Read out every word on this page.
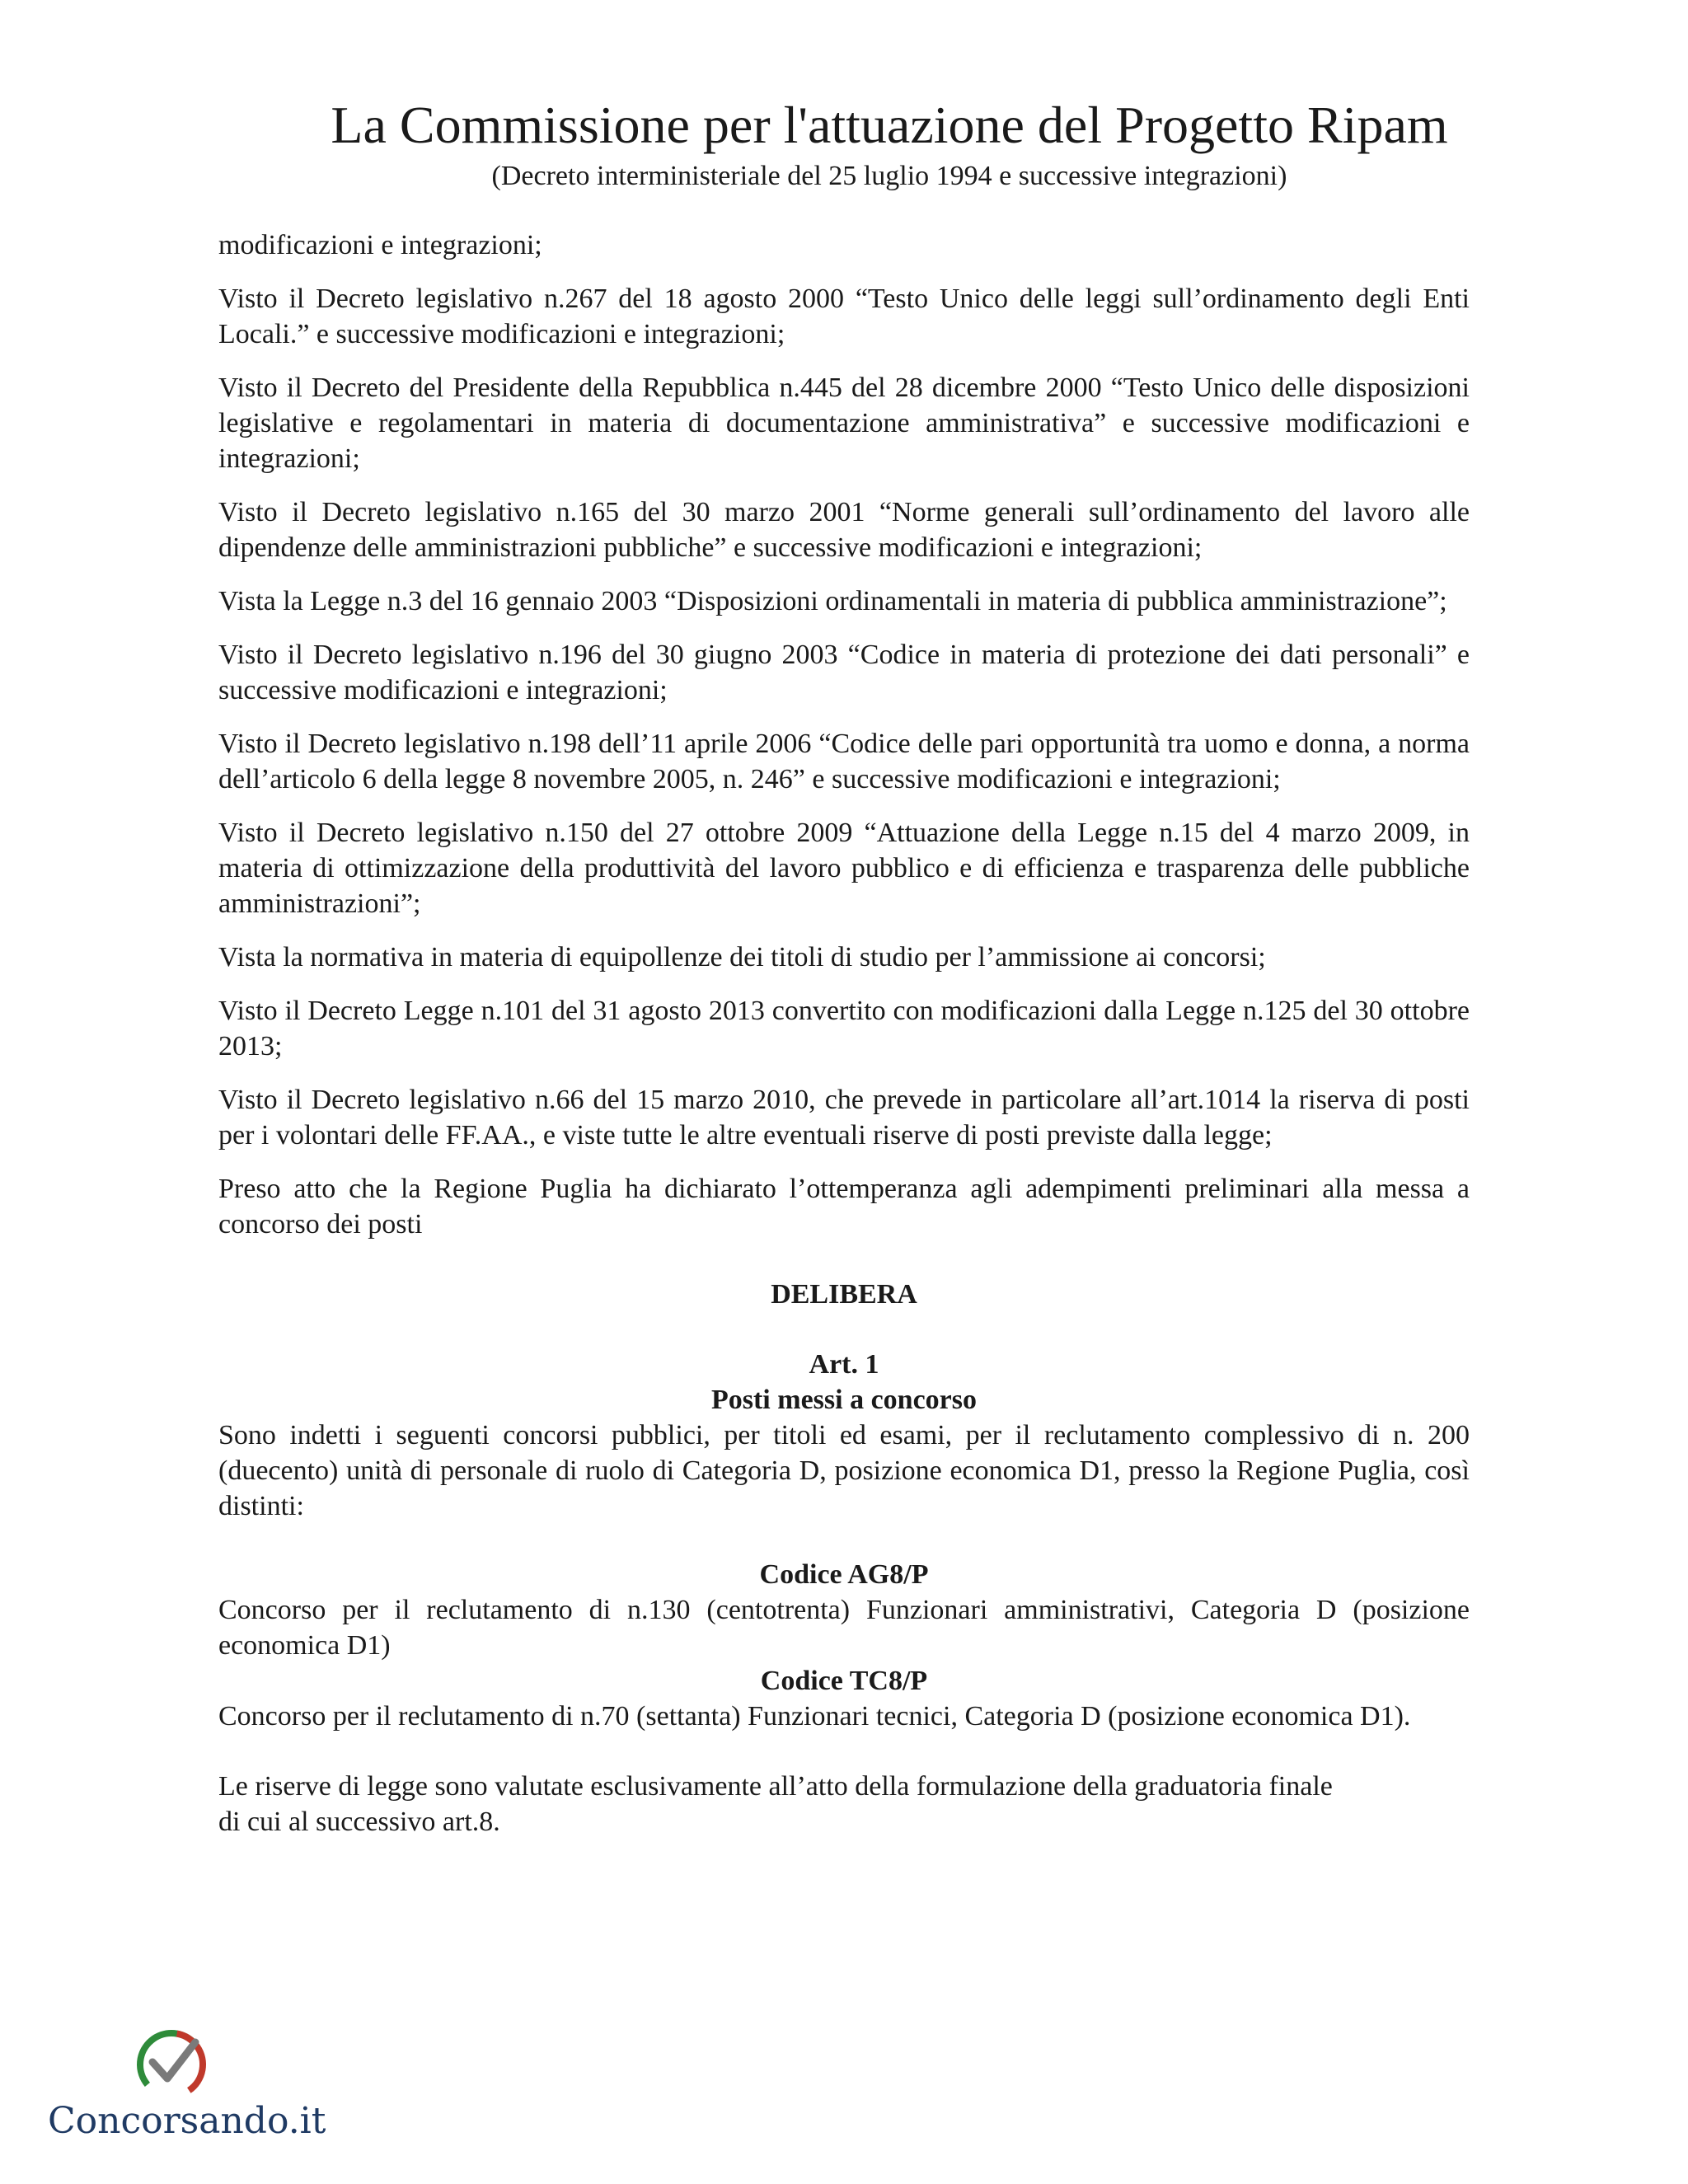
La Commissione per l'attuazione del Progetto Ripam
(Decreto interministeriale del 25 luglio 1994 e successive integrazioni)

modificazioni e integrazioni;

Visto il Decreto legislativo n.267 del 18 agosto 2000 “Testo Unico delle leggi sull’ordinamento degli Enti Locali.” e successive modificazioni e integrazioni;

Visto il Decreto del Presidente della Repubblica n.445 del 28 dicembre 2000 “Testo Unico delle disposizioni legislative e regolamentari in materia di documentazione amministrativa” e successive modificazioni e integrazioni;

Visto il Decreto legislativo n.165 del 30 marzo 2001 “Norme generali sull’ordinamento del lavoro alle dipendenze delle amministrazioni pubbliche” e successive modificazioni e integrazioni;

Vista la Legge n.3 del 16 gennaio 2003 “Disposizioni ordinamentali in materia di pubblica amministrazione”;

Visto il Decreto legislativo n.196 del 30 giugno 2003 “Codice in materia di protezione dei dati personali” e successive modificazioni e integrazioni;

Visto il Decreto legislativo n.198 dell’11 aprile 2006 “Codice delle pari opportunità tra uomo e donna, a norma dell’articolo 6 della legge 8 novembre 2005, n. 246” e successive modificazioni e integrazioni;

Visto il Decreto legislativo n.150 del 27 ottobre 2009 “Attuazione della Legge n.15 del 4 marzo 2009, in materia di ottimizzazione della produttività del lavoro pubblico e di efficienza e trasparenza delle pubbliche amministrazioni”;

Vista la normativa in materia di equipollenze dei titoli di studio per l’ammissione ai concorsi;

Visto il Decreto Legge n.101 del 31 agosto 2013 convertito con modificazioni dalla Legge n.125 del 30 ottobre 2013;

Visto il Decreto legislativo n.66 del 15 marzo 2010, che prevede in particolare all’art.1014 la riserva di posti per i volontari delle FF.AA., e viste tutte le altre eventuali riserve di posti previste dalla legge;

Preso atto che la Regione Puglia ha dichiarato l’ottemperanza agli adempimenti preliminari alla messa a concorso dei posti

DELIBERA
Art. 1
Posti messi a concorso

Sono indetti i seguenti concorsi pubblici, per titoli ed esami, per il reclutamento complessivo di n. 200 (duecento) unità di personale di ruolo di Categoria D, posizione economica D1, presso la Regione Puglia, così distinti:

Codice AG8/P

Concorso per il reclutamento di n.130 (centotrenta) Funzionari amministrativi, Categoria D (posizione economica D1)

Codice TC8/P

Concorso per il reclutamento di n.70 (settanta) Funzionari tecnici, Categoria D (posizione economica D1).

Le riserve di legge sono valutate esclusivamente all’atto della formulazione della graduatoria finale

di cui al successivo art.8.

Concorsando.it
